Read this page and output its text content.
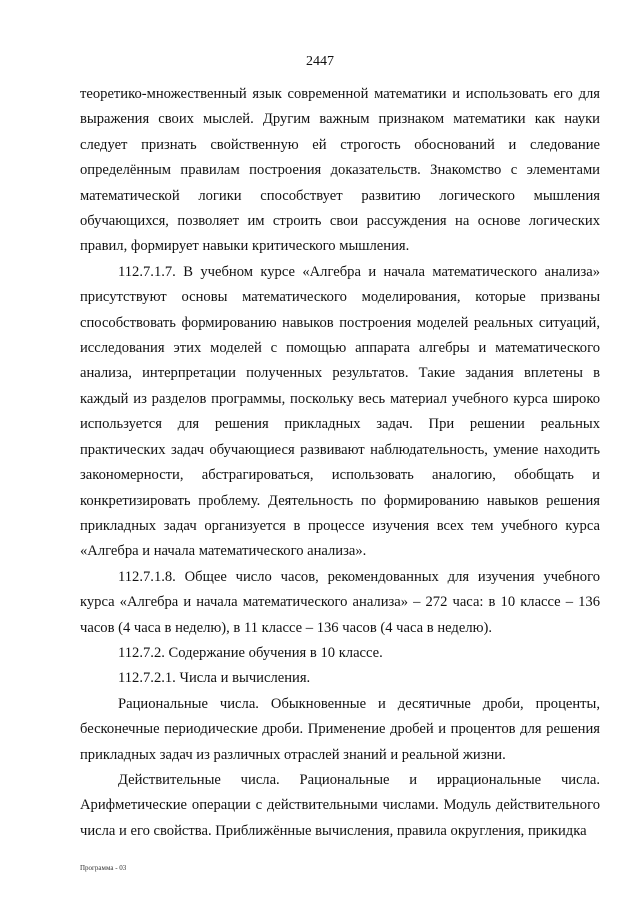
2447

теоретико-множественный язык современной математики и использовать его для выражения своих мыслей. Другим важным признаком математики как науки следует признать свойственную ей строгость обоснований и следование определённым правилам построения доказательств. Знакомство с элементами математической логики способствует развитию логического мышления обучающихся, позволяет им строить свои рассуждения на основе логических правил, формирует навыки критического мышления.

112.7.1.7. В учебном курсе «Алгебра и начала математического анализа» присутствуют основы математического моделирования, которые призваны способствовать формированию навыков построения моделей реальных ситуаций, исследования этих моделей с помощью аппарата алгебры и математического анализа, интерпретации полученных результатов. Такие задания вплетены в каждый из разделов программы, поскольку весь материал учебного курса широко используется для решения прикладных задач. При решении реальных практических задач обучающиеся развивают наблюдательность, умение находить закономерности, абстрагироваться, использовать аналогию, обобщать и конкретизировать проблему. Деятельность по формированию навыков решения прикладных задач организуется в процессе изучения всех тем учебного курса «Алгебра и начала математического анализа».

112.7.1.8. Общее число часов, рекомендованных для изучения учебного курса «Алгебра и начала математического анализа» – 272 часа: в 10 классе – 136 часов (4 часа в неделю), в 11 классе – 136 часов (4 часа в неделю).

112.7.2. Содержание обучения в 10 классе.

112.7.2.1. Числа и вычисления.

Рациональные числа. Обыкновенные и десятичные дроби, проценты, бесконечные периодические дроби. Применение дробей и процентов для решения прикладных задач из различных отраслей знаний и реальной жизни.

Действительные числа. Рациональные и иррациональные числа. Арифметические операции с действительными числами. Модуль действительного числа и его свойства. Приближённые вычисления, правила округления, прикидка

Программа - 03
